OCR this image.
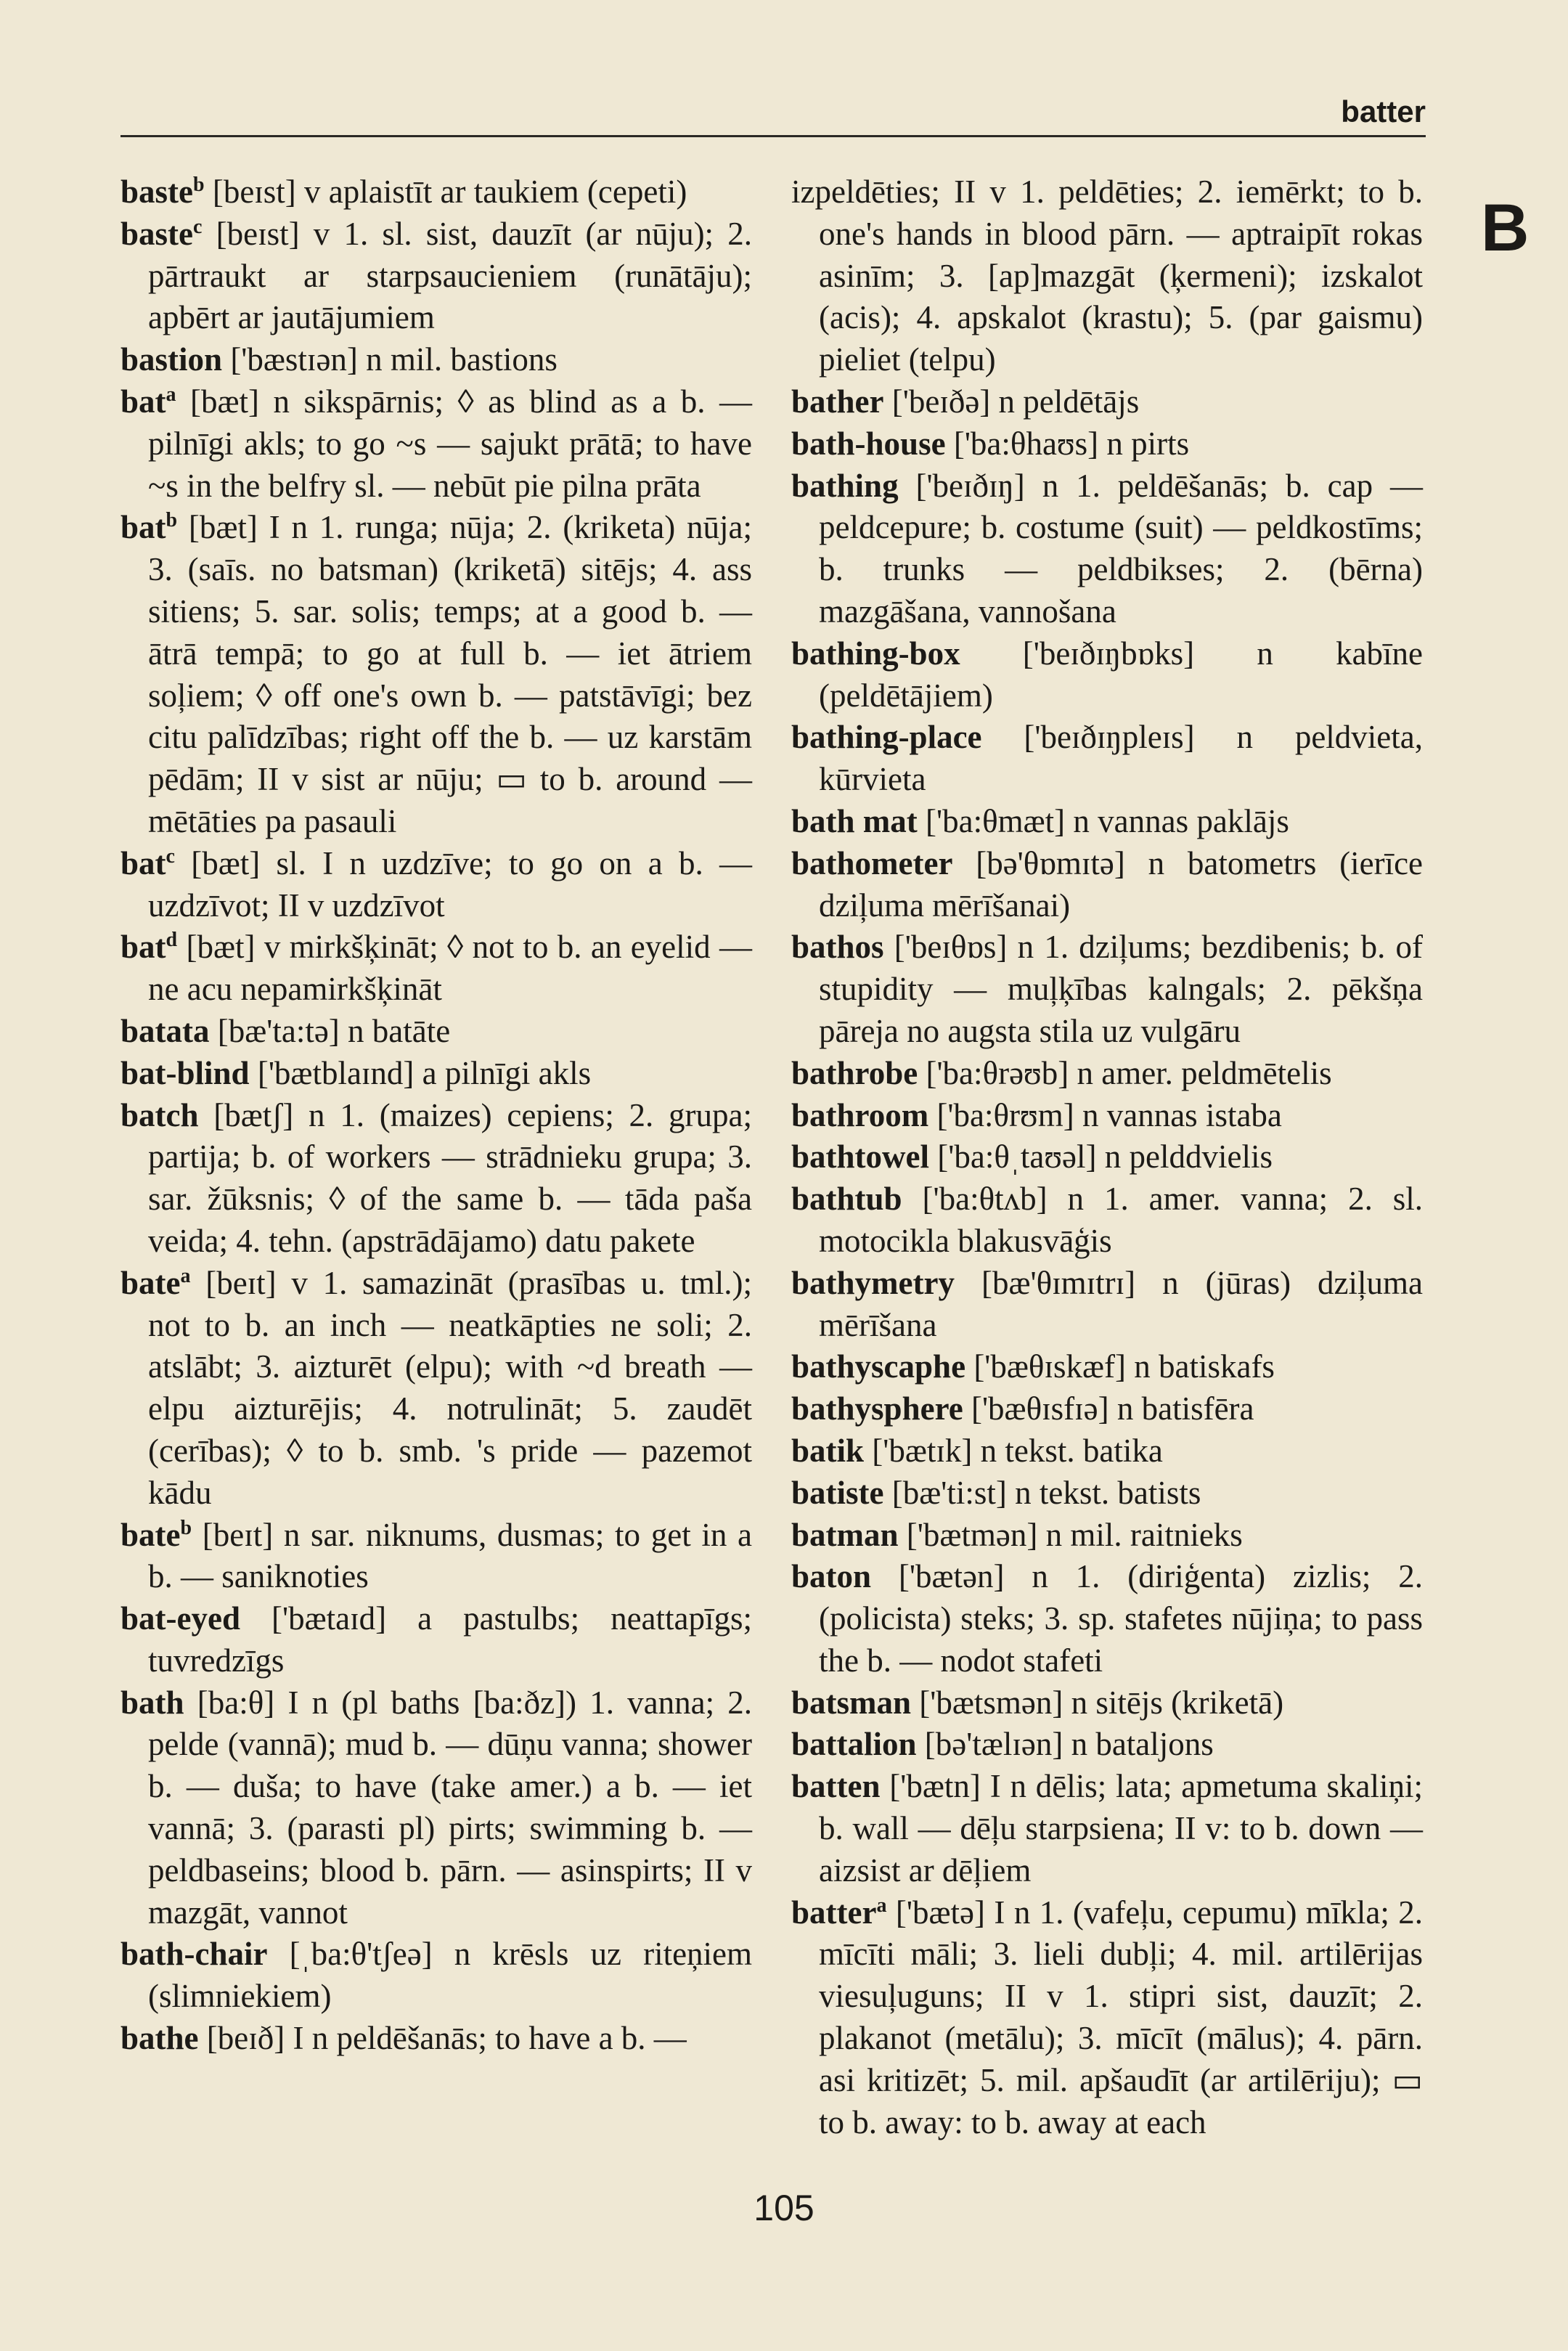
batter
B
baste$^b$ [beɪst] v aplaistīt ar taukiem (cepeti)
baste$^c$ [beɪst] v 1. sl. sist, dauzīt (ar nūju); 2. pārtraukt ar starpsaucieniem (runātāju); apbērt ar jautājumiem
bastion ['bæstɪən] n mil. bastions
bat$^a$ [bæt] n sikspārnis; ◊ as blind as a b. — pilnīgi akls; to go ~s — sajukt prātā; to have ~s in the belfry sl. — nebūt pie pilna prāta
bat$^b$ [bæt] I n 1. runga; nūja; 2. (kriketa) nūja; 3. (saīs. no batsman) (kriketā) sitējs; 4. ass sitiens; 5. sar. solis; temps; at a good b. — ātrā tempā; to go at full b. — iet ātriem soļiem; ◊ off one's own b. — patstāvīgi; bez citu palīdzības; right off the b. — uz karstām pēdām; II v sist ar nūju; ▭ to b. around — mētāties pa pasauli
bat$^c$ [bæt] sl. I n uzdzīve; to go on a b. — uzdzīvot; II v uzdzīvot
bat$^d$ [bæt] v mirkšķināt; ◊ not to b. an eyelid — ne acu nepamirkšķināt
batata [bæ'ta:tə] n batāte
bat-blind ['bætblaɪnd] a pilnīgi akls
batch [bætʃ] n 1. (maizes) cepiens; 2. grupa; partija; b. of workers — strādnieku grupa; 3. sar. žūksnis; ◊ of the same b. — tāda paša veida; 4. tehn. (apstrādājamo) datu pakete
bate$^a$ [beɪt] v 1. samazināt (prasības u. tml.); not to b. an inch — neatkāpties ne soli; 2. atslābt; 3. aizturēt (elpu); with ~d breath — elpu aizturējis; 4. notrulināt; 5. zaudēt (cerības); ◊ to b. smb. 's pride — pazemot kādu
bate$^b$ [beɪt] n sar. niknums, dusmas; to get in a b. — saniknoties
bat-eyed ['bætaɪd] a pastulbs; neattapīgs; tuvredzīgs
bath [ba:θ] I n (pl baths [ba:ðz]) 1. vanna; 2. pelde (vannā); mud b. — dūņu vanna; shower b. — duša; to have (take amer.) a b. — iet vannā; 3. (parasti pl) pirts; swimming b. — peldbaseins; blood b. pārn. — asinspirts; II v mazgāt, vannot
bath-chair [ˌba:θ'tʃeə] n krēsls uz riteņiem (slimniekiem)
bathe [beɪð] I n peldēšanās; to have a b. —
izpeldēties; II v 1. peldēties; 2. iemērkt; to b. one's hands in blood pārn. — aptraipīt rokas asinīm; 3. [ap]mazgāt (ķermeni); izskalot (acis); 4. apskalot (krastu); 5. (par gaismu) pieliet (telpu)
bather ['beɪðə] n peldētājs
bath-house ['ba:θhaʊs] n pirts
bathing ['beɪðɪŋ] n 1. peldēšanās; b. cap — peldcepure; b. costume (suit) — peldkostīms; b. trunks — peldbikses; 2. (bērna) mazgāšana, vannošana
bathing-box ['beɪðɪŋbɒks] n kabīne (peldētājiem)
bathing-place ['beɪðɪŋpleɪs] n peldvieta, kūrvieta
bath mat ['ba:θmæt] n vannas paklājs
bathometer [bə'θɒmɪtə] n batometrs (ierīce dziļuma mērīšanai)
bathos ['beɪθɒs] n 1. dziļums; bezdibenis; b. of stupidity — muļķības kalngals; 2. pēkšņa pāreja no augsta stila uz vulgāru
bathrobe ['ba:θrəʊb] n amer. peldmētelis
bathroom ['ba:θrʊm] n vannas istaba
bathtowel ['ba:θˌtaʊəl] n pelddvielis
bathtub ['ba:θtʌb] n 1. amer. vanna; 2. sl. motocikla blakusvāģis
bathymetry [bæ'θɪmɪtrɪ] n (jūras) dziļuma mērīšana
bathyscaphe ['bæθɪskæf] n batiskafs
bathysphere ['bæθɪsfɪə] n batisfēra
batik ['bætɪk] n tekst. batika
batiste [bæ'ti:st] n tekst. batists
batman ['bætmən] n mil. raitnieks
baton ['bætən] n 1. (diriģenta) zizlis; 2. (policista) steks; 3. sp. stafetes nūjiņa; to pass the b. — nodot stafeti
batsman ['bætsmən] n sitējs (kriketā)
battalion [bə'tælɪən] n bataljons
batten ['bætn] I n dēlis; lata; apmetuma skaliņi; b. wall — dēļu starpsiena; II v: to b. down — aizsist ar dēļiem
batter$^a$ ['bætə] I n 1. (vafeļu, cepumu) mīkla; 2. mīcīti māli; 3. lieli dubļi; 4. mil. artilērijas viesuļuguns; II v 1. stipri sist, dauzīt; 2. plakanot (metālu); 3. mīcīt (mālus); 4. pārn. asi kritizēt; 5. mil. apšaudīt (ar artilēriju); ▭ to b. away: to b. away at each
105
